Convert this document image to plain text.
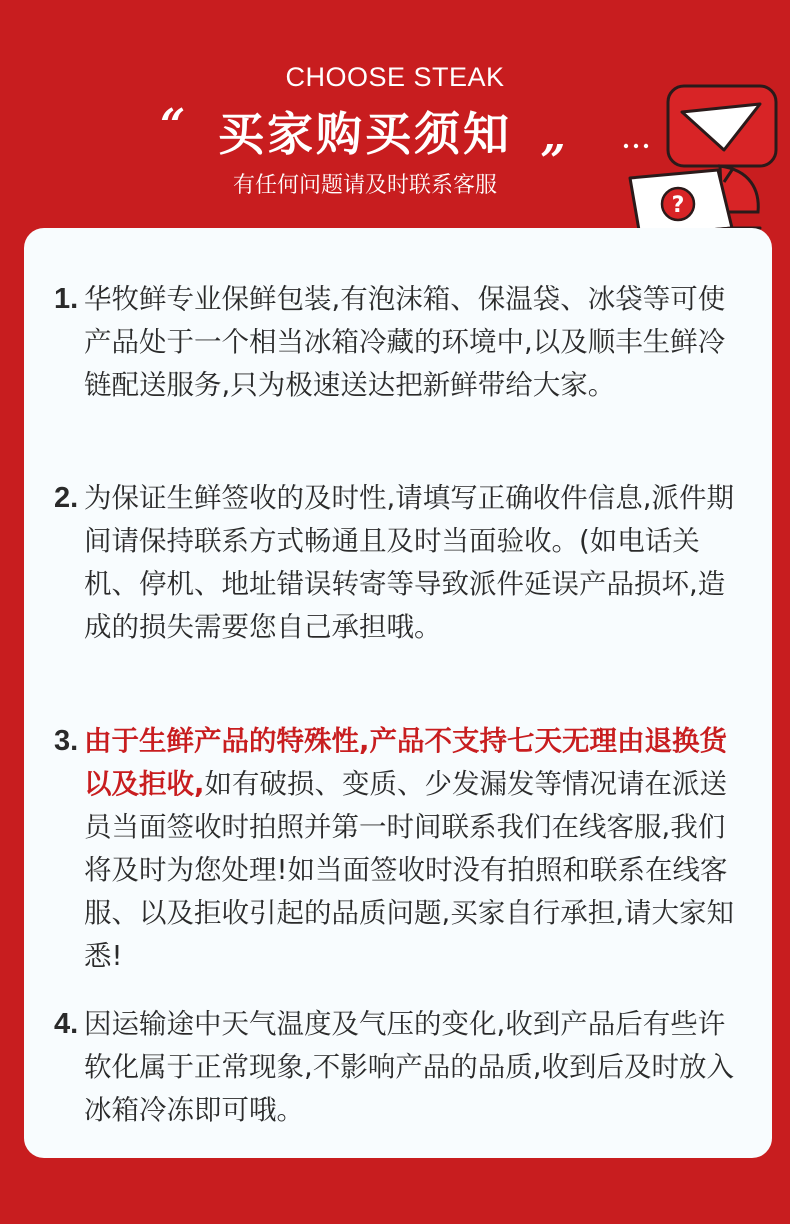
CHOOSE STEAK
“ 买家购买须知
”
有任何问题请及时联系客服
?
1. 华牧鲜专业保鲜包装,有泡沫箱、保温袋、冰袋等可使产品处于一个相当冰箱冷藏的环境中,以及顺丰生鲜冷链配送服务,只为极速送达把新鲜带给大家。
2. 为保证生鲜签收的及时性,请填写正确收件信息,派件期间请保持联系方式畅通且及时当面验收。(如电话关机、停机、地址错误转寄等导致派件延误产品损坏,造成的损失需要您自己承担哦。
3. 由于生鲜产品的特殊性,产品不支持七天无理由退换货以及拒收,如有破损、变质、少发漏发等情况请在派送员当面签收时拍照并第一时间联系我们在线客服,我们将及时为您处理!如当面签收时没有拍照和联系在线客服、以及拒收引起的品质问题,买家自行承担,请大家知悉!
4. 因运输途中天气温度及气压的变化,收到产品后有些许软化属于正常现象,不影响产品的品质,收到后及时放入冰箱冷冻即可哦。
